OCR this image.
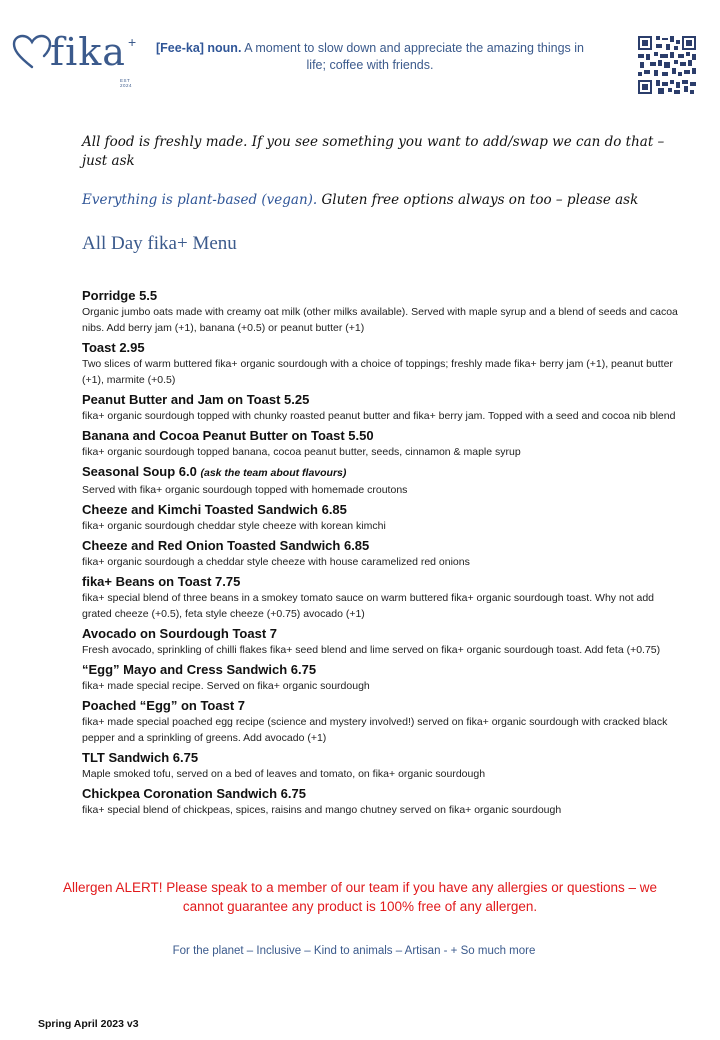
fika +
EST 2024
[Fee-ka] noun. A moment to slow down and appreciate the amazing things in life; coffee with friends.
All food is freshly made. If you see something you want to add/swap we can do that – just ask
Everything is plant-based (vegan). Gluten free options always on too – please ask
All Day fika+ Menu
Porridge 5.5
Organic jumbo oats made with creamy oat milk (other milks available). Served with maple syrup and a blend of seeds and cacoa nibs. Add berry jam (+1), banana (+0.5) or peanut butter (+1)
Toast 2.95
Two slices of warm buttered fika+ organic sourdough with a choice of toppings; freshly made fika+ berry jam (+1), peanut butter (+1), marmite (+0.5)
Peanut Butter and Jam on Toast 5.25
fika+ organic sourdough topped with chunky roasted peanut butter and fika+ berry jam. Topped with a seed and cocoa nib blend
Banana and Cocoa Peanut Butter on Toast 5.50
fika+ organic sourdough topped banana, cocoa peanut butter, seeds, cinnamon & maple syrup
Seasonal Soup 6.0 (ask the team about flavours)
Served with fika+ organic sourdough topped with homemade croutons
Cheeze and Kimchi Toasted Sandwich 6.85
fika+ organic sourdough cheddar style cheeze with korean kimchi
Cheeze and Red Onion Toasted Sandwich 6.85
fika+ organic sourdough a cheddar style cheeze with house caramelized red onions
fika+ Beans on Toast 7.75
fika+ special blend of three beans in a smokey tomato sauce on warm buttered fika+ organic sourdough toast. Why not add grated cheeze (+0.5), feta style cheeze (+0.75) avocado (+1)
Avocado on Sourdough Toast 7
Fresh avocado, sprinkling of chilli flakes fika+ seed blend and lime served on fika+ organic sourdough toast. Add feta (+0.75)
“Egg” Mayo and Cress Sandwich 6.75
fika+ made special recipe. Served on fika+ organic sourdough
Poached “Egg” on Toast 7
fika+ made special poached egg recipe (science and mystery involved!) served on fika+ organic sourdough with cracked black pepper and a sprinkling of greens. Add avocado (+1)
TLT Sandwich 6.75
Maple smoked tofu, served on a bed of leaves and tomato, on fika+ organic sourdough
Chickpea Coronation Sandwich 6.75
fika+ special blend of chickpeas, spices, raisins and mango chutney served on fika+ organic sourdough
Allergen ALERT! Please speak to a member of our team if you have any allergies or questions – we cannot guarantee any product is 100% free of any allergen.
For the planet – Inclusive – Kind to animals – Artisan - + So much more
Spring April 2023 v3
